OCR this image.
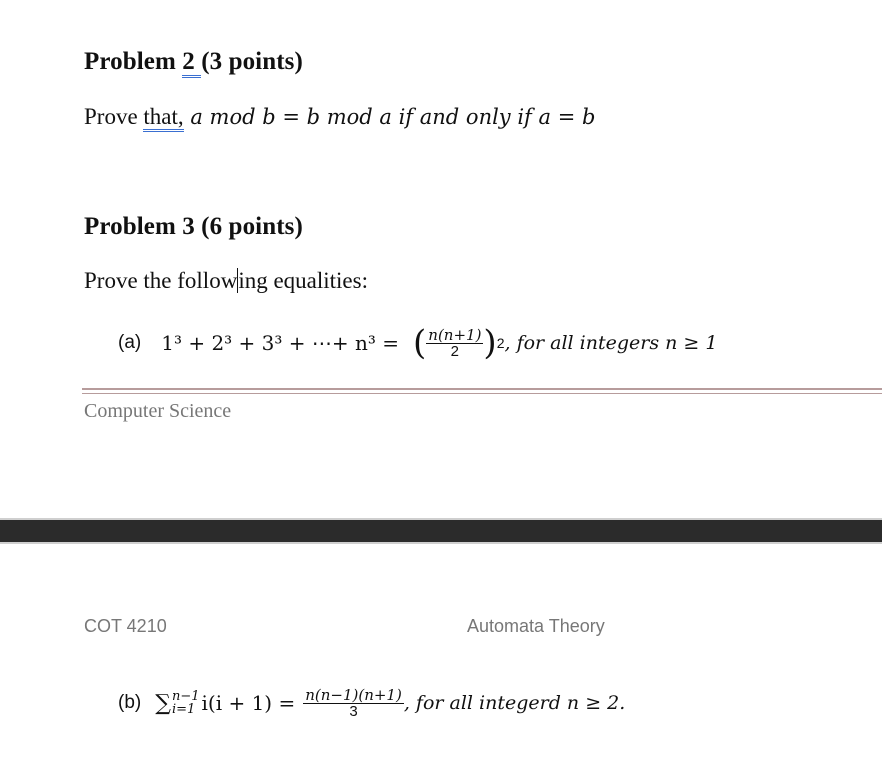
Problem 2 (3 points)
Prove that, a mod b = b mod a if and only if a = b
Problem 3 (6 points)
Prove the following equalities:
(a) 1³ + 2³ + 3³ + ⋯+ n³ = ( $\frac{n(n+1)}{2}$ ) 2 , for all integers n ≥ 1
Computer Science
COT 4210	Automata Theory
(b) ∑ n−1
i=1 $i(i + 1) = \frac{n(n-1)(n+1)}{3}$ , for all integerd n ≥ 2.
